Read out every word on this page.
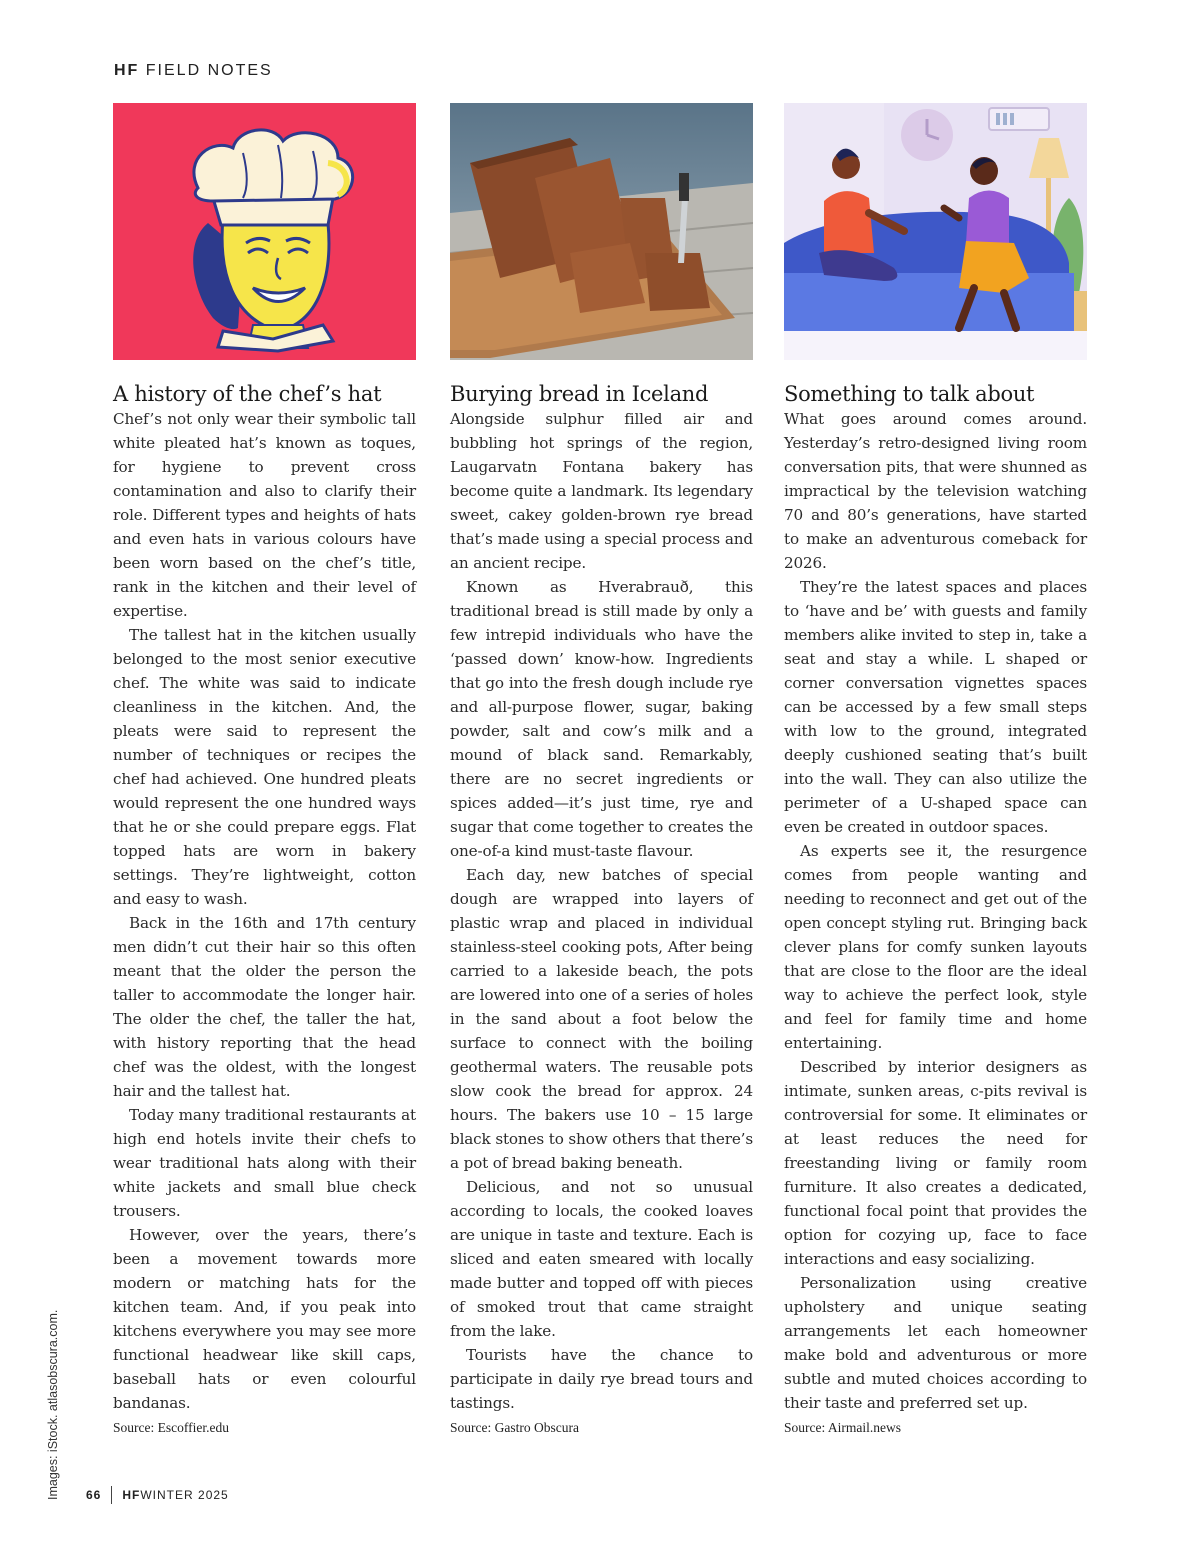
HF FIELD NOTES
A history of the chef’s hat

Chef’s not only wear their symbolic tall white pleated hat’s known as toques, for hygiene to prevent cross contamination and also to clarify their role. Different types and heights of hats and even hats in various colours have been worn based on the chef’s title, rank in the kitchen and their level of expertise.

The tallest hat in the kitchen usually belonged to the most senior executive chef. The white was said to indicate cleanliness in the kitchen. And, the pleats were said to represent the number of techniques or recipes the chef had achieved. One hundred pleats would represent the one hundred ways that he or she could prepare eggs. Flat topped hats are worn in bakery settings. They’re lightweight, cotton and easy to wash.

Back in the 16th and 17th century men didn’t cut their hair so this often meant that the older the person the taller to accommodate the longer hair. The older the chef, the taller the hat, with history reporting that the head chef was the oldest, with the longest hair and the tallest hat.

Today many traditional restaurants at high end hotels invite their chefs to wear traditional hats along with their white jackets and small blue check trousers.

However, over the years, there’s been a movement towards more modern or matching hats for the kitchen team. And, if you peak into kitchens everywhere you may see more functional headwear like skill caps, baseball hats or even colourful bandanas.

Source: Escoffier.edu
Burying bread in Iceland

Alongside sulphur filled air and bubbling hot springs of the region, Laugarvatn Fontana bakery has become quite a landmark. Its legendary sweet, cakey golden-brown rye bread that’s made using a special process and an ancient recipe.

Known as Hverabrauð, this traditional bread is still made by only a few intrepid individuals who have the ‘passed down’ know-how. Ingredients that go into the fresh dough include rye and all-purpose flower, sugar, baking powder, salt and cow’s milk and a mound of black sand. Remarkably, there are no secret ingredients or spices added—it’s just time, rye and sugar that come together to creates the one-of-a kind must-taste flavour.

Each day, new batches of special dough are wrapped into layers of plastic wrap and placed in individual stainless-steel cooking pots, After being carried to a lakeside beach, the pots are lowered into one of a series of holes in the sand about a foot below the surface to connect with the boiling geothermal waters. The reusable pots slow cook the bread for approx. 24 hours. The bakers use 10 – 15 large black stones to show others that there’s a pot of bread baking beneath.

Delicious, and not so unusual according to locals, the cooked loaves are unique in taste and texture. Each is sliced and eaten smeared with locally made butter and topped off with pieces of smoked trout that came straight from the lake.

Tourists have the chance to participate in daily rye bread tours and tastings.

Source: Gastro Obscura
Something to talk about

What goes around comes around. Yesterday’s retro-designed living room conversation pits, that were shunned as impractical by the television watching 70 and 80’s generations, have started to make an adventurous comeback for 2026.

They’re the latest spaces and places to ‘have and be’ with guests and family members alike invited to step in, take a seat and stay a while. L shaped or corner conversation vignettes spaces can be accessed by a few small steps with low to the ground, integrated deeply cushioned seating that’s built into the wall. They can also utilize the perimeter of a U-shaped space can even be created in outdoor spaces.

As experts see it, the resurgence comes from people wanting and needing to reconnect and get out of the open concept styling rut. Bringing back clever plans for comfy sunken layouts that are close to the floor are the ideal way to achieve the perfect look, style and feel for family time and home entertaining.

Described by interior designers as intimate, sunken areas, c-pits revival is controversial for some. It eliminates or at least reduces the need for freestanding living or family room furniture. It also creates a dedicated, functional focal point that provides the option for cozying up, face to face interactions and easy socializing.

Personalization using creative upholstery and unique seating arrangements let each homeowner make bold and adventurous or more subtle and muted choices according to their taste and preferred set up.

Source: Airmail.news
Images: iStock. atlasobscura.com. 66 HF WINTER 2025
